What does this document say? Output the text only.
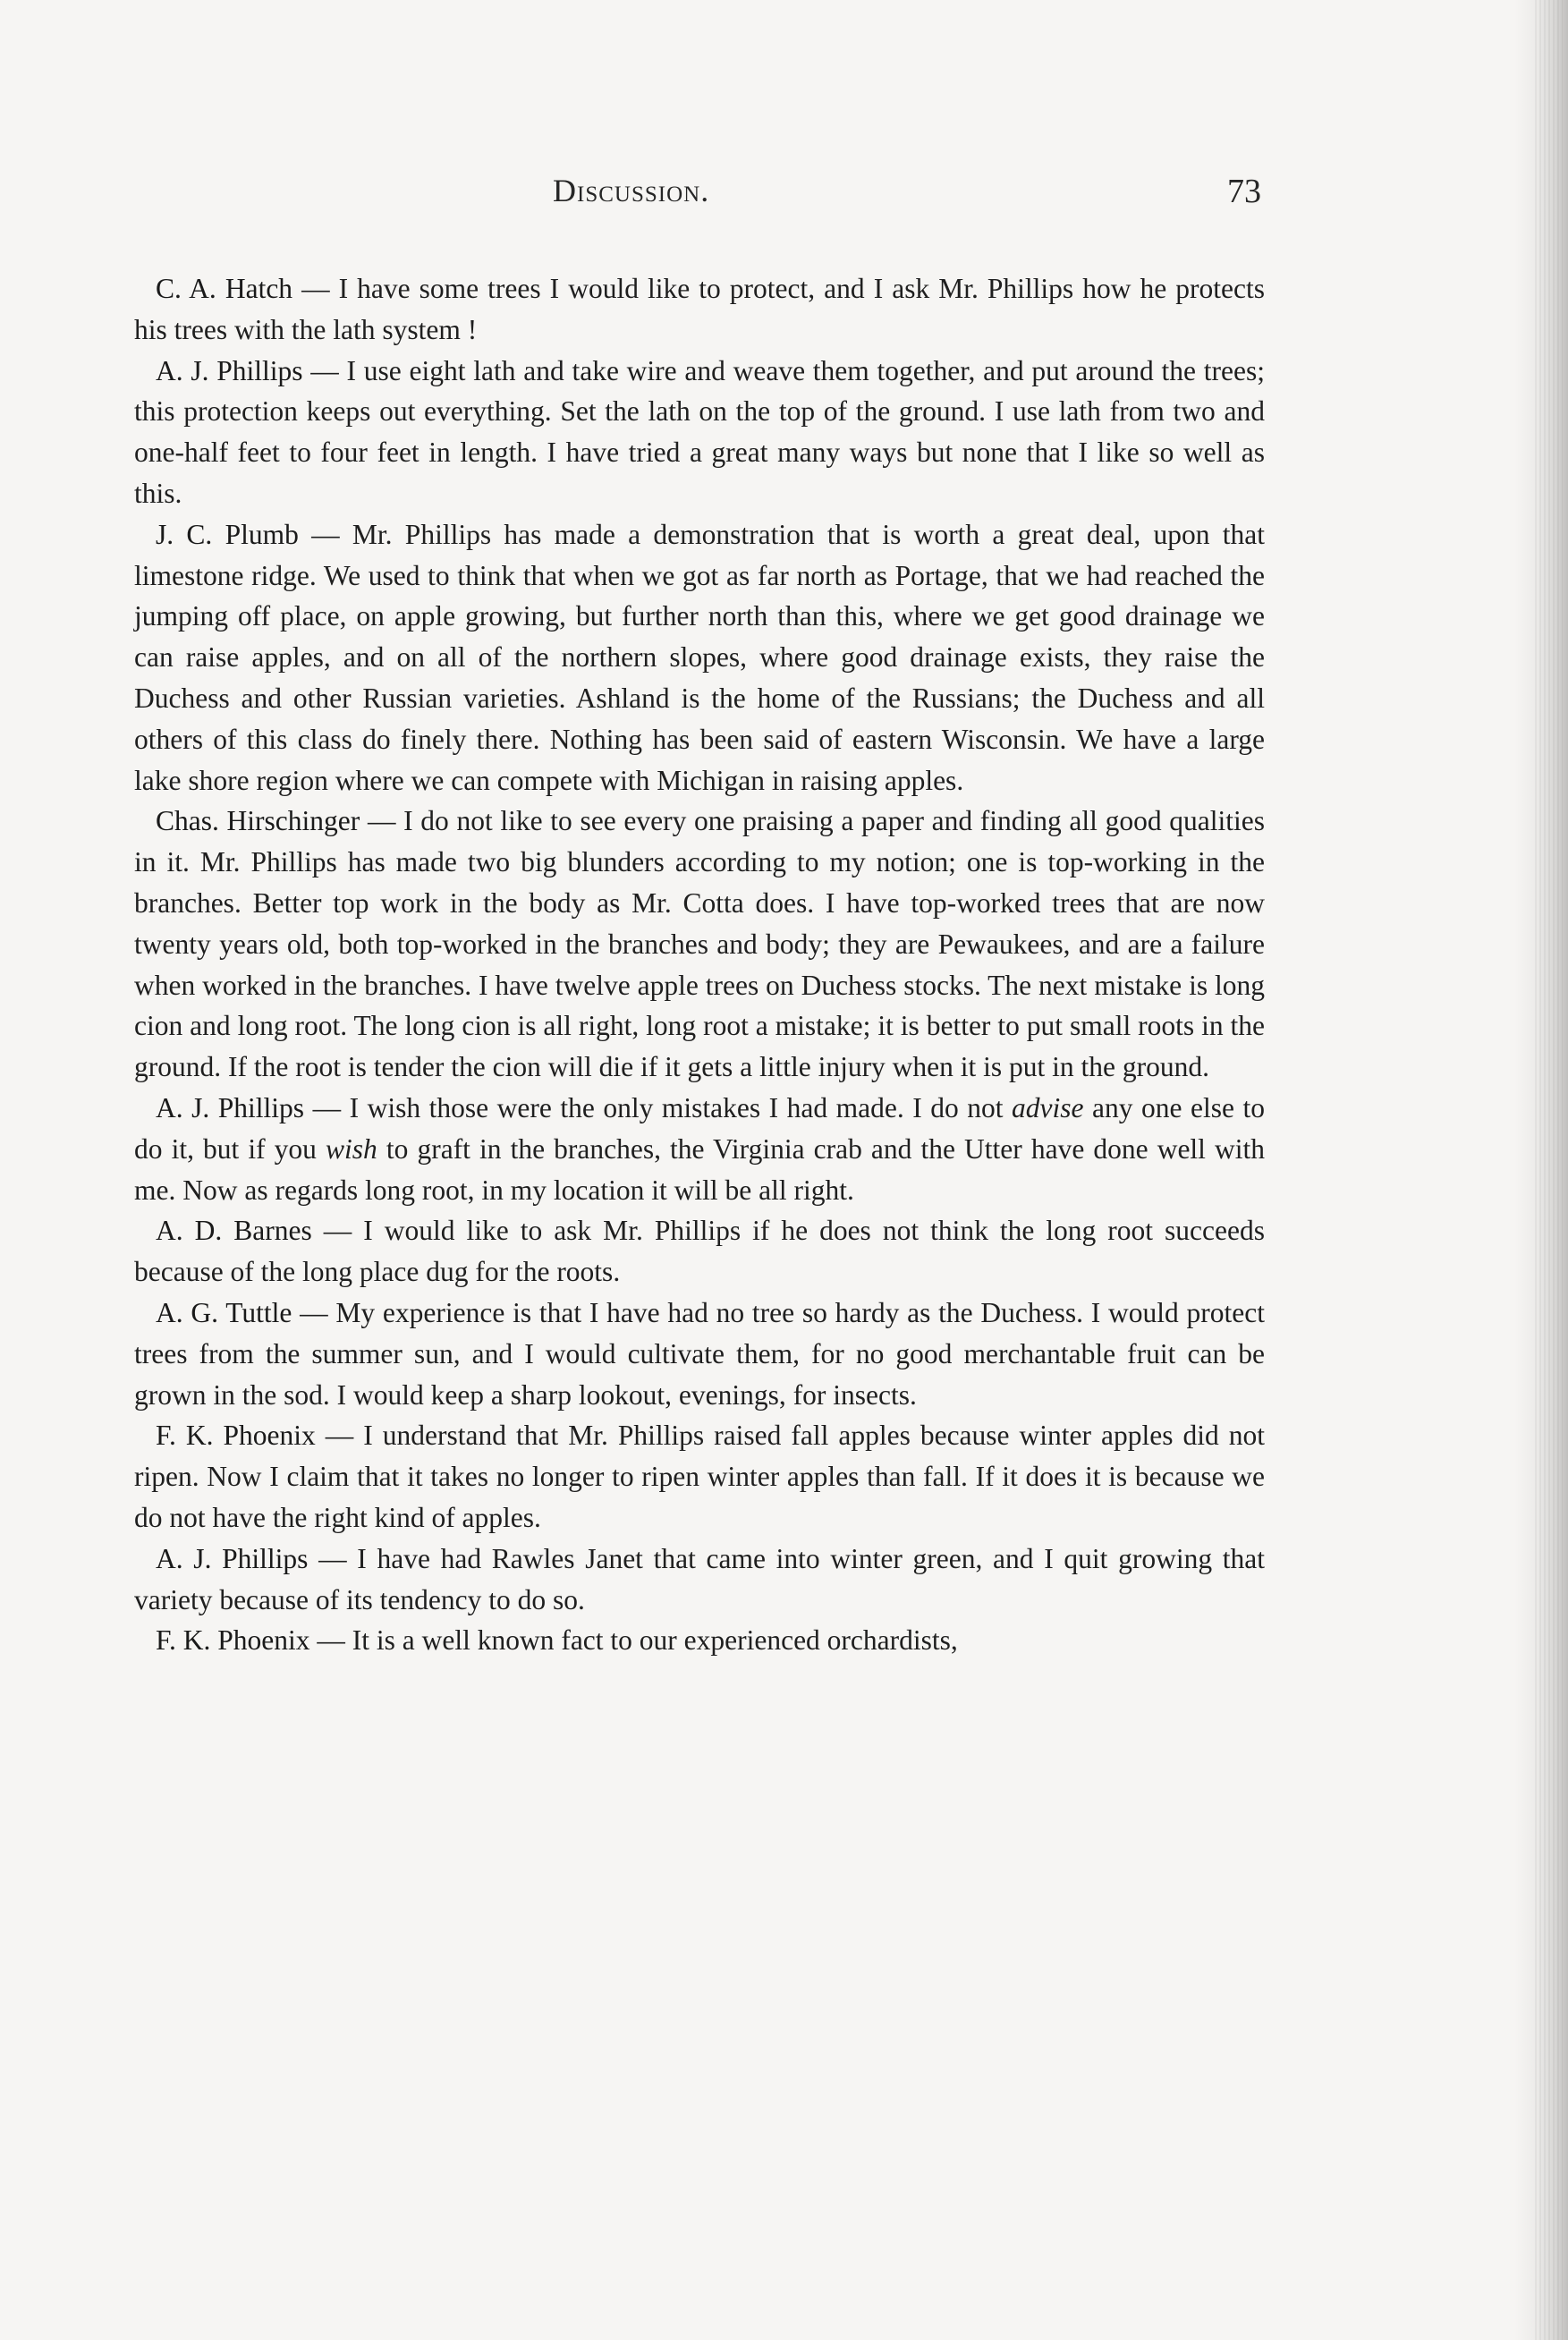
Discussion.	73

C. A. Hatch — I have some trees I would like to protect, and I ask Mr. Phillips how he protects his trees with the lath system !

A. J. Phillips — I use eight lath and take wire and weave them together, and put around the trees; this protection keeps out everything. Set the lath on the top of the ground. I use lath from two and one-half feet to four feet in length. I have tried a great many ways but none that I like so well as this.

J. C. Plumb — Mr. Phillips has made a demonstration that is worth a great deal, upon that limestone ridge. We used to think that when we got as far north as Portage, that we had reached the jumping off place, on apple growing, but further north than this, where we get good drainage we can raise apples, and on all of the northern slopes, where good drainage exists, they raise the Duchess and other Russian varieties. Ashland is the home of the Russians; the Duchess and all others of this class do finely there. Nothing has been said of eastern Wisconsin. We have a large lake shore region where we can compete with Michigan in raising apples.

Chas. Hirschinger — I do not like to see every one praising a paper and finding all good qualities in it. Mr. Phillips has made two big blunders according to my notion; one is top-working in the branches. Better top work in the body as Mr. Cotta does. I have top-worked trees that are now twenty years old, both top-worked in the branches and body; they are Pewaukees, and are a failure when worked in the branches. I have twelve apple trees on Duchess stocks. The next mistake is long cion and long root. The long cion is all right, long root a mistake; it is better to put small roots in the ground. If the root is tender the cion will die if it gets a little injury when it is put in the ground.

A. J. Phillips — I wish those were the only mistakes I had made. I do not advise any one else to do it, but if you wish to graft in the branches, the Virginia crab and the Utter have done well with me. Now as regards long root, in my location it will be all right.

A. D. Barnes — I would like to ask Mr. Phillips if he does not think the long root succeeds because of the long place dug for the roots.

A. G. Tuttle — My experience is that I have had no tree so hardy as the Duchess. I would protect trees from the summer sun, and I would cultivate them, for no good merchantable fruit can be grown in the sod. I would keep a sharp lookout, evenings, for insects.

F. K. Phoenix — I understand that Mr. Phillips raised fall apples because winter apples did not ripen. Now I claim that it takes no longer to ripen winter apples than fall. If it does it is because we do not have the right kind of apples.

A. J. Phillips — I have had Rawles Janet that came into winter green, and I quit growing that variety because of its tendency to do so.

F. K. Phoenix — It is a well known fact to our experienced orchardists,
